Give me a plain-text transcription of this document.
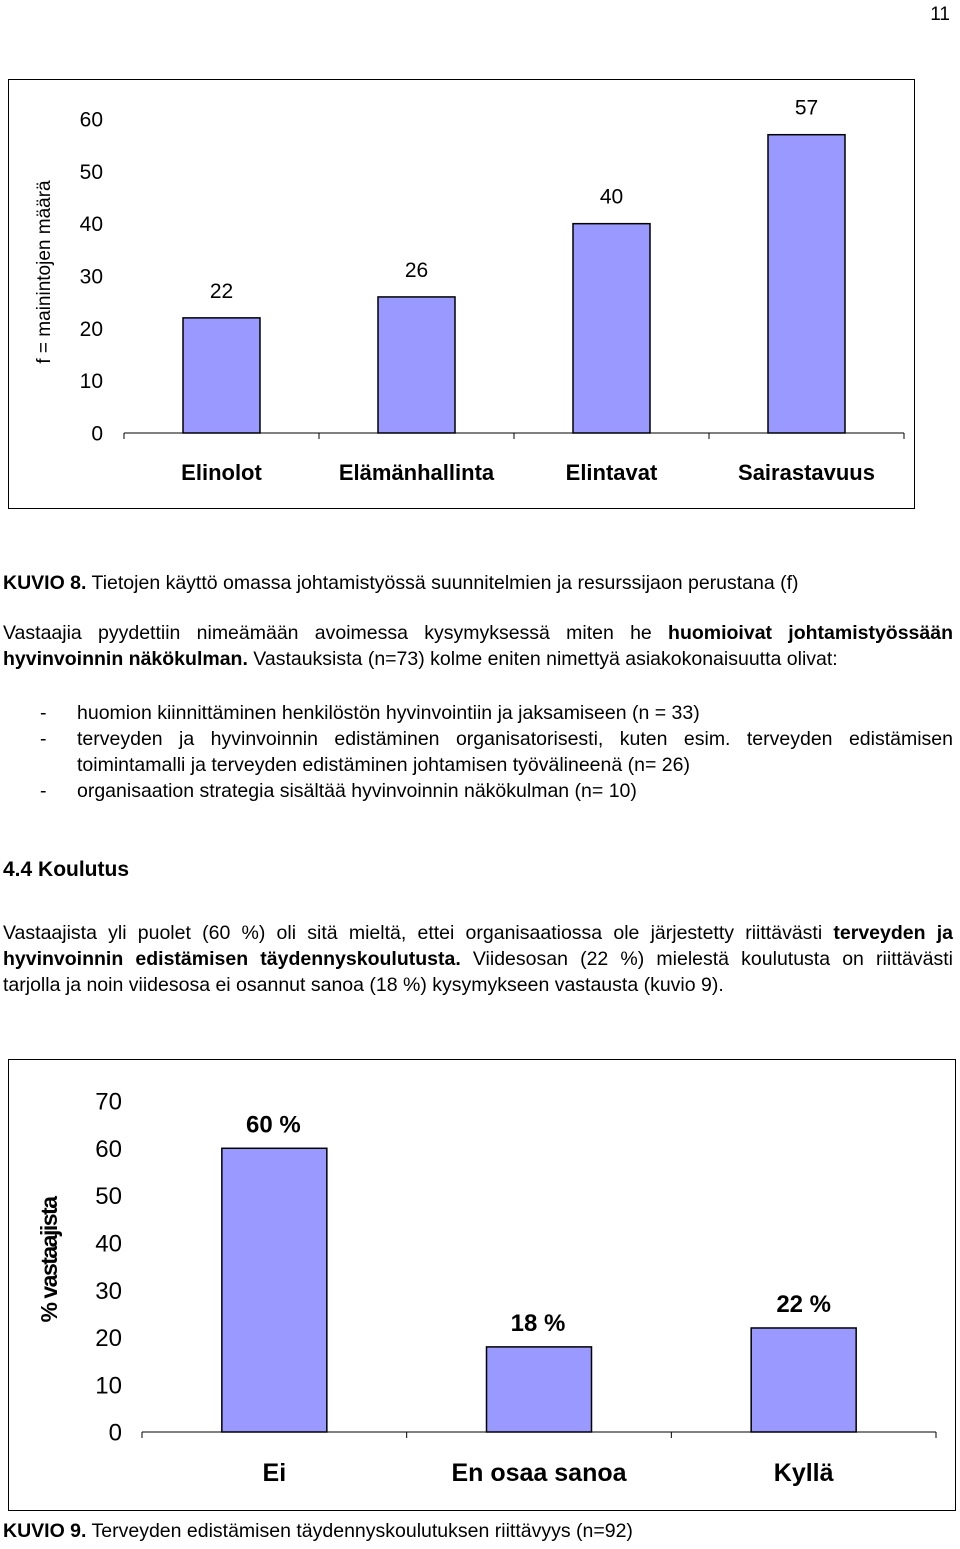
11
f = mainintojen määrä
0
10
20
30
40
50
60
22
Elinolot
26
Elämänhallinta
40
Elintavat
57
Sairastavuus
KUVIO 8. Tietojen käyttö omassa johtamistyössä suunnitelmien ja resurssijaon perustana (f)
Vastaajia pyydettiin nimeämään avoimessa kysymyksessä miten he huomioivat johtamistyössään hyvinvoinnin näkökulman. Vastauksista (n=73) kolme eniten nimettyä asiakokonaisuutta olivat:
- huomion kiinnittäminen henkilöstön hyvinvointiin ja jaksamiseen (n = 33)
- terveyden ja hyvinvoinnin edistäminen organisatorisesti, kuten esim. terveyden edistämisen toimintamalli ja terveyden edistäminen johtamisen työvälineenä (n= 26)
- organisaation strategia sisältää hyvinvoinnin näkökulman (n= 10)
4.4 Koulutus
Vastaajista yli puolet (60 %) oli sitä mieltä, ettei organisaatiossa ole järjestetty riittävästi terveyden ja hyvinvoinnin edistämisen täydennyskoulutusta. Viidesosan (22 %) mielestä koulutusta on riittävästi tarjolla ja noin viidesosa ei osannut sanoa (18 %) kysymykseen vastausta (kuvio 9).
% vastaajista
0
10
20
30
40
50
60
70
60 %
Ei
18 %
En osaa sanoa
22 %
Kyllä
KUVIO 9. Terveyden edistämisen täydennyskoulutuksen riittävyys (n=92)
